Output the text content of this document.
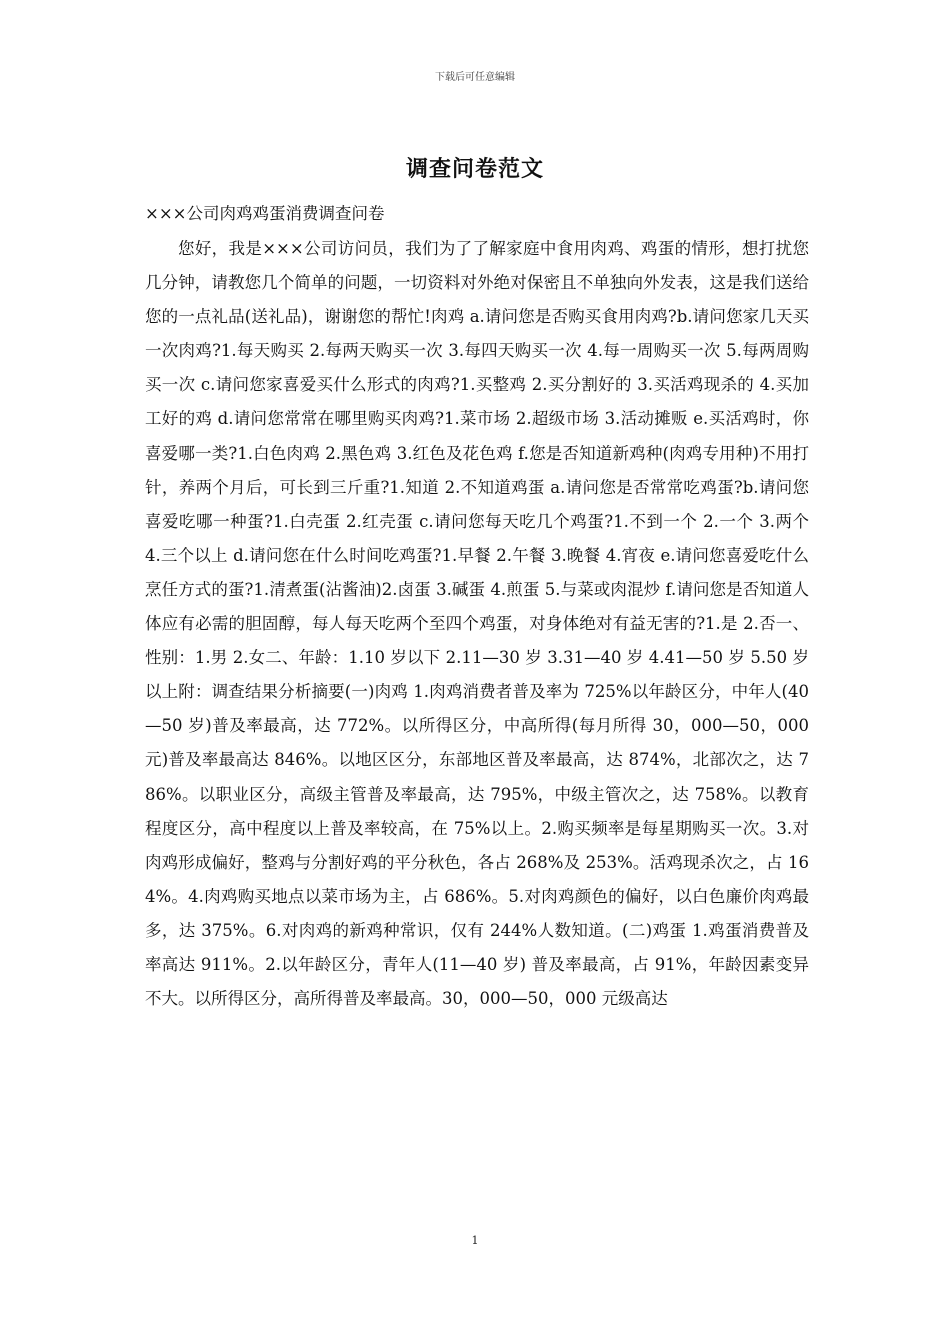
下载后可任意编辑
调查问卷范文

×××公司肉鸡鸡蛋消费调查问卷

您好，我是×××公司访问员，我们为了了解家庭中食用肉鸡、鸡蛋的情形，想打扰您几分钟，请教您几个简单的问题，一切资料对外绝对保密且不单独向外发表，这是我们送给您的一点礼品(送礼品)，谢谢您的帮忙!肉鸡 a.请问您是否购买食用肉鸡?b.请问您家几天买一次肉鸡?1.每天购买 2.每两天购买一次 3.每四天购买一次 4.每一周购买一次 5.每两周购买一次 c.请问您家喜爱买什么形式的肉鸡?1.买整鸡 2.买分割好的 3.买活鸡现杀的 4.买加工好的鸡 d.请问您常常在哪里购买肉鸡?1.菜市场 2.超级市场 3.活动摊贩 e.买活鸡时，你喜爱哪一类?1.白色肉鸡 2.黑色鸡 3.红色及花色鸡 f.您是否知道新鸡种(肉鸡专用种)不用打针，养两个月后，可长到三斤重?1.知道 2.不知道鸡蛋 a.请问您是否常常吃鸡蛋?b.请问您喜爱吃哪一种蛋?1.白壳蛋 2.红壳蛋 c.请问您每天吃几个鸡蛋?1.不到一个 2.一个 3.两个 4.三个以上 d.请问您在什么时间吃鸡蛋?1.早餐 2.午餐 3.晚餐 4.宵夜 e.请问您喜爱吃什么烹任方式的蛋?1.清煮蛋(沾酱油)2.卤蛋 3.碱蛋 4.煎蛋 5.与菜或肉混炒 f.请问您是否知道人体应有必需的胆固醇，每人每天吃两个至四个鸡蛋，对身体绝对有益无害的?1.是 2.否一、性别：1.男 2.女二、年龄：1.10 岁以下 2.11—30 岁 3.31—40 岁 4.41—50 岁 5.50 岁以上附：调查结果分析摘要(一)肉鸡 1.肉鸡消费者普及率为 725%以年龄区分，中年人(40—50 岁)普及率最高，达 772%。以所得区分，中高所得(每月所得 30，000—50，000 元)普及率最高达 846%。以地区区分，东部地区普及率最高，达 874%，北部次之，达 786%。以职业区分，高级主管普及率最高，达 795%，中级主管次之，达 758%。以教育程度区分，高中程度以上普及率较高，在 75%以上。2.购买频率是每星期购买一次。3.对肉鸡形成偏好，整鸡与分割好鸡的平分秋色，各占 268%及 253%。活鸡现杀次之，占 164%。4.肉鸡购买地点以菜市场为主，占 686%。5.对肉鸡颜色的偏好，以白色廉价肉鸡最多，达 375%。6.对肉鸡的新鸡种常识，仅有 244%人数知道。(二)鸡蛋 1.鸡蛋消费普及率高达 911%。2.以年龄区分，青年人(11—40 岁) 普及率最高，占 91%，年龄因素变异不大。以所得区分，高所得普及率最高。30，000—50，000 元级高达

1
